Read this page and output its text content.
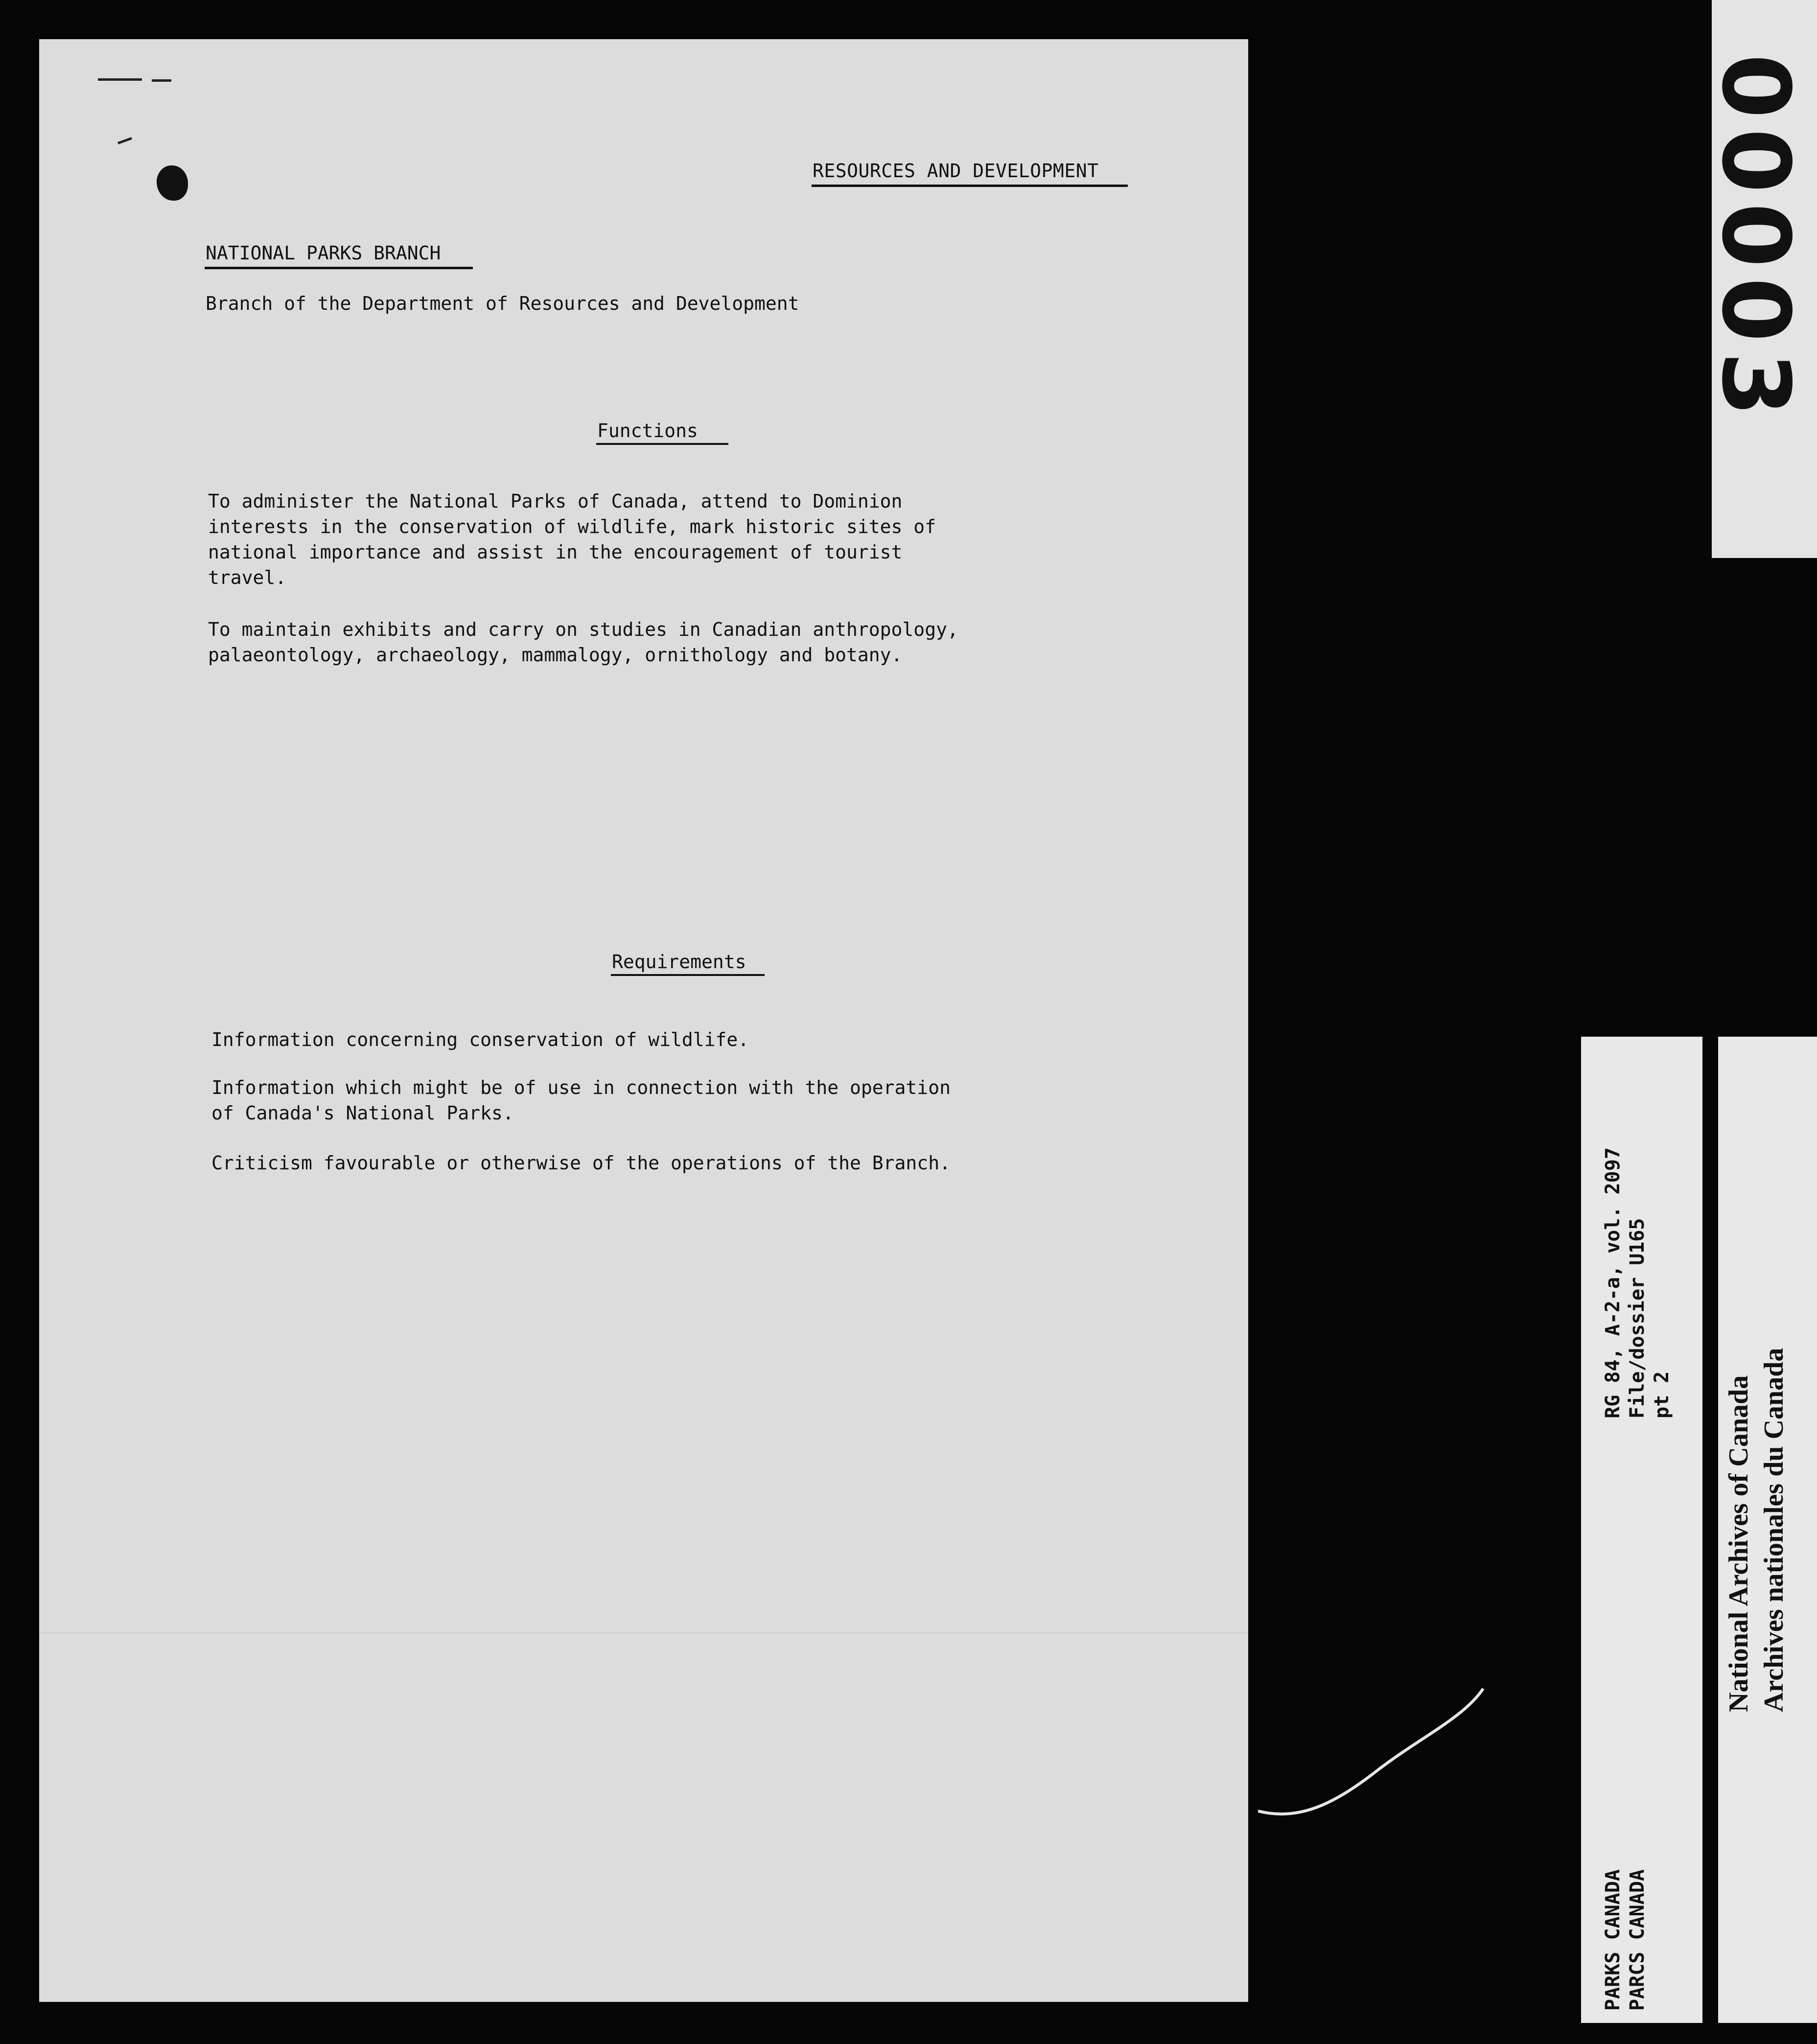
RESOURCES AND DEVELOPMENT
NATIONAL PARKS BRANCH
Branch of the Department of Resources and Development
Functions
To administer the National Parks of Canada, attend to Dominion
interests in the conservation of wildlife, mark historic sites of
national importance and assist in the encouragement of tourist
travel.
To maintain exhibits and carry on studies in Canadian anthropology,
palaeontology, archaeology, mammalogy, ornithology and botany.
Requirements
Information concerning conservation of wildlife.
Information which might be of use in connection with the operation
of Canada's National Parks.
Criticism favourable or otherwise of the operations of the Branch.
00003
RG 84, A-2-a, vol. 2097 File/dossier U165 pt 2
PARKS CANADA PARCS CANADA
National Archives of Canada Archives nationales du Canada
